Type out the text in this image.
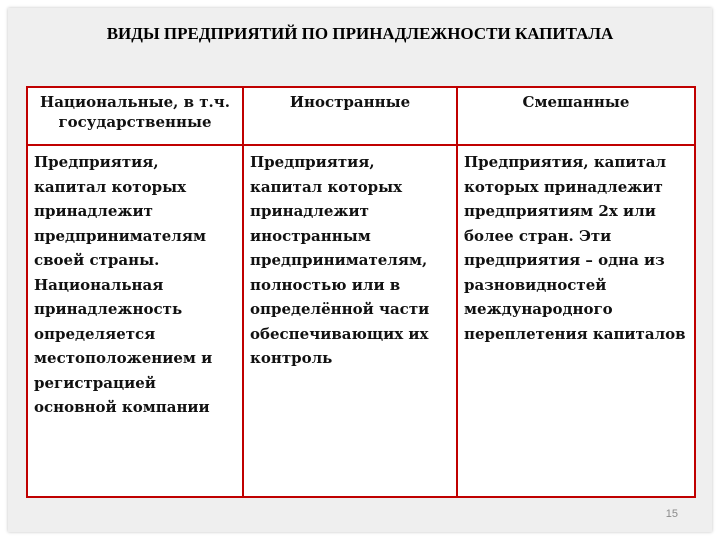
ВИДЫ ПРЕДПРИЯТИЙ ПО ПРИНАДЛЕЖНОСТИ КАПИТАЛА
Национальные, в т.ч. государственные	Иностранные	Смешанные
Предприятия, капитал которых принадлежит предпринимателям своей страны. Национальная принадлежность определяется местоположением и регистрацией основной компании	Предприятия, капитал которых принадлежит иностранным предпринимателям, полностью или в определённой части обеспечивающих их контроль	Предприятия, капитал которых принадлежит предприятиям 2х или более стран. Эти предприятия – одна из разновидностей международного переплетения капиталов
15
